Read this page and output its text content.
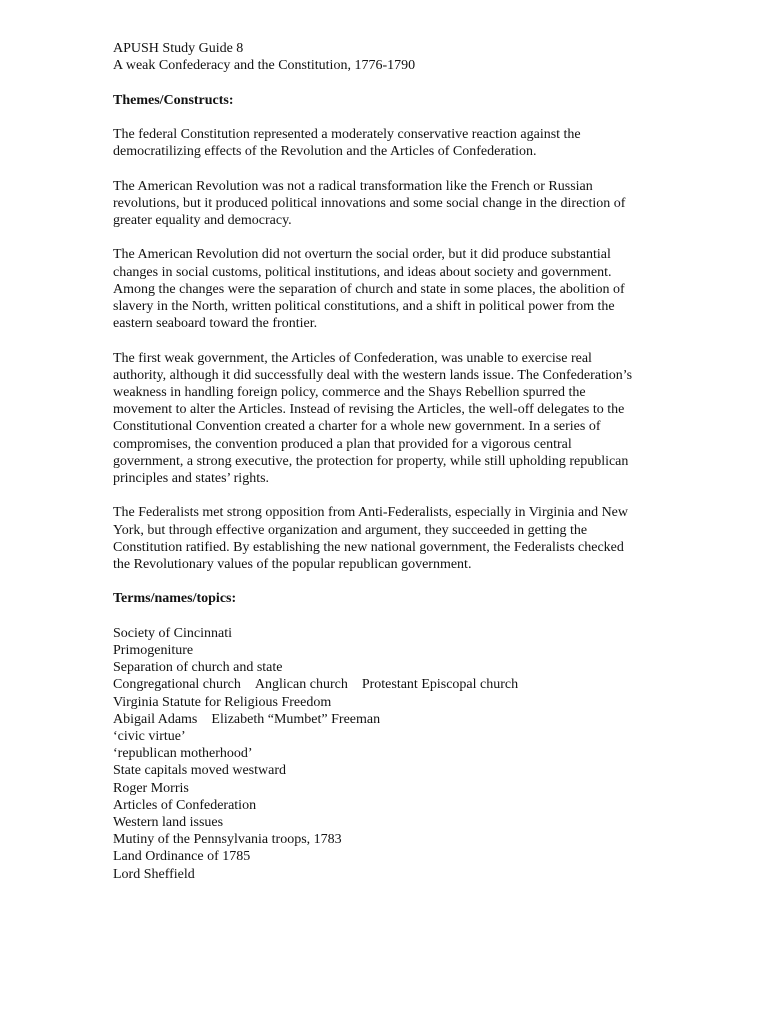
APUSH Study Guide 8
A weak Confederacy and the Constitution, 1776-1790
Themes/Constructs:
The federal Constitution represented a moderately conservative reaction against the
democratilizing effects of the Revolution and the Articles of Confederation.
The American Revolution was not a radical transformation like the French or Russian
revolutions, but it produced political innovations and some social change in the direction of
greater equality and democracy.
The American Revolution did not overturn the social order, but it did produce substantial
changes in social customs, political institutions, and ideas about society and government.
Among the changes were the separation of church and state in some places, the abolition of
slavery in the North, written political constitutions, and a shift in political power from the
eastern seaboard toward the frontier.
The first weak government, the Articles of Confederation, was unable to exercise real
authority, although it did successfully deal with the western lands issue. The Confederation’s
weakness in handling foreign policy, commerce and the Shays Rebellion spurred the
movement to alter the Articles. Instead of revising the Articles, the well-off delegates to the
Constitutional Convention created a charter for a whole new government. In a series of
compromises, the convention produced a plan that provided for a vigorous central
government, a strong executive, the protection for property, while still upholding republican
principles and states’ rights.
The Federalists met strong opposition from Anti-Federalists, especially in Virginia and New
York, but through effective organization and argument, they succeeded in getting the
Constitution ratified. By establishing the new national government, the Federalists checked
the Revolutionary values of the popular republican government.
Terms/names/topics:
Society of Cincinnati
Primogeniture
Separation of church and state
Congregational church Anglican church Protestant Episcopal church
Virginia Statute for Religious Freedom
Abigail Adams Elizabeth “Mumbet” Freeman
‘civic virtue’
‘republican motherhood’
State capitals moved westward
Roger Morris
Articles of Confederation
Western land issues
Mutiny of the Pennsylvania troops, 1783
Land Ordinance of 1785
Lord Sheffield
